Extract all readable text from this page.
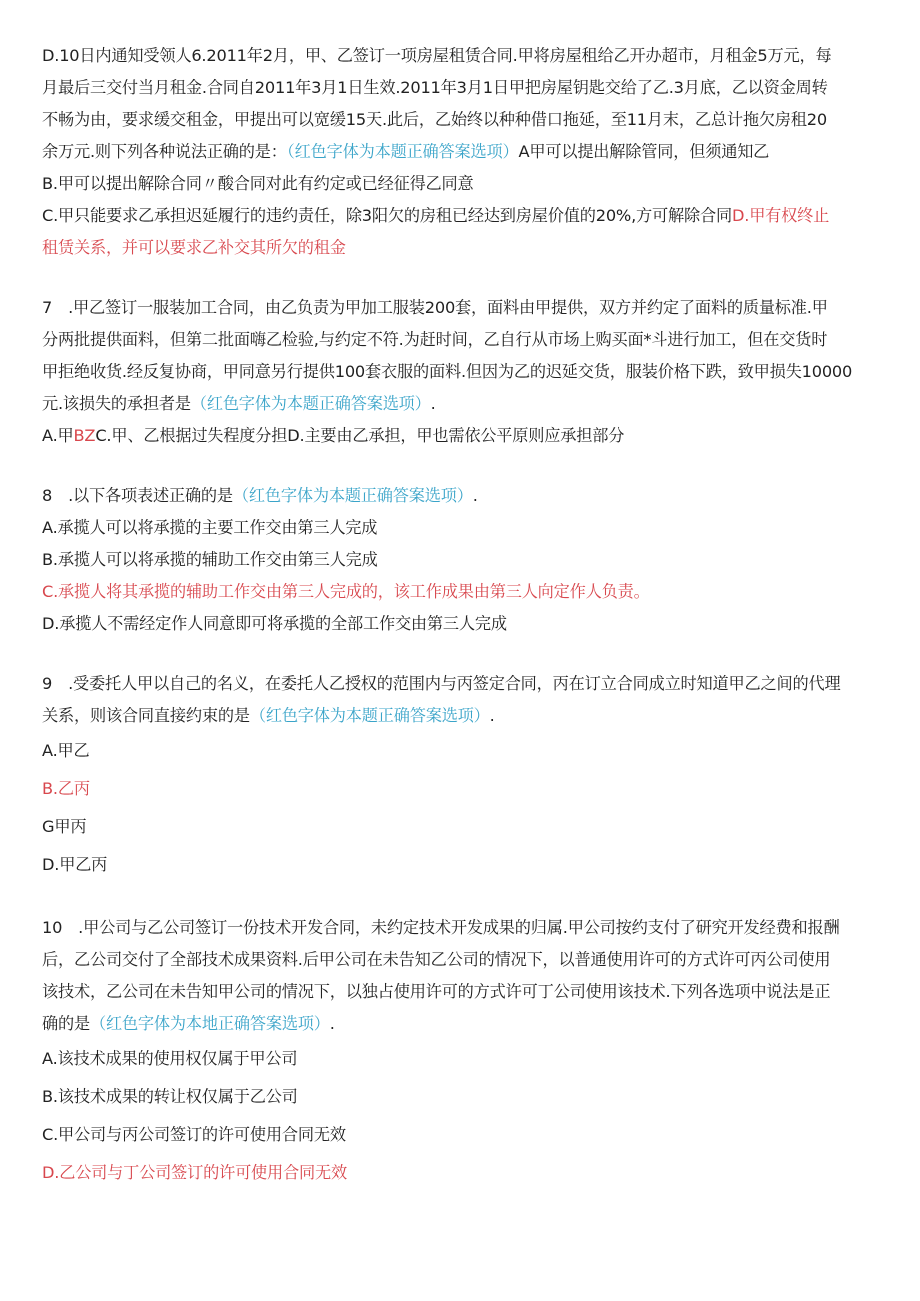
D.10日内通知受领人6.2011年2月，甲、乙签订一项房屋租赁合同.甲将房屋租给乙开办超市，月租金5万元，每

月最后三交付当月租金.合同自2011年3月1日生效.2011年3月1日甲把房屋钥匙交给了乙.3月底，乙以资金周转

不畅为由，要求缓交租金，甲提出可以宽缓15天.此后，乙始终以种种借口拖延，至11月末，乙总计拖欠房租20

余万元.则下列各种说法正确的是：（红色字体为本题正确答案选项）A甲可以提出解除管同，但须通知乙

B.甲可以提出解除合同〃酸合同对此有约定或已经征得乙同意

C.甲只能要求乙承担迟延履行的违约责任，除3阳欠的房租已经达到房屋价值的20%,方可解除合同D.甲有权终止

租赁关系，并可以要求乙补交其所欠的租金

7　.甲乙签订一服装加工合同，由乙负责为甲加工服装200套，面料由甲提供，双方并约定了面料的质量标准.甲

分两批提供面料，但第二批面嗨乙检验,与约定不符.为赶时间，乙自行从市场上购买面*斗进行加工，但在交货时

甲拒绝收货.经反复协商，甲同意另行提供100套衣服的面料.但因为乙的迟延交货，服装价格下跌，致甲损失10000

元.该损失的承担者是（红色字体为本题正确答案选项）.

A.甲BZC.甲、乙根据过失程度分担D.主要由乙承担，甲也需依公平原则应承担部分

8　.以下各项表述正确的是（红色字体为本题正确答案选项）.

A.承揽人可以将承揽的主要工作交由第三人完成

B.承揽人可以将承揽的辅助工作交由第三人完成

C.承揽人将其承揽的辅助工作交由第三人完成的，该工作成果由第三人向定作人负责。

D.承揽人不需经定作人同意即可将承揽的全部工作交由第三人完成

9　.受委托人甲以自己的名义，在委托人乙授权的范围内与丙签定合同，丙在订立合同成立时知道甲乙之间的代理

关系，则该合同直接约束的是（红色字体为本题正确答案选项）.

A.甲乙

B.乙丙

G甲丙

D.甲乙丙

10　.甲公司与乙公司签订一份技术开发合同，未约定技术开发成果的归属.甲公司按约支付了研究开发经费和报酬

后，乙公司交付了全部技术成果资料.后甲公司在未告知乙公司的情况下，以普通使用许可的方式许可丙公司使用

该技术，乙公司在未告知甲公司的情况下，以独占使用许可的方式许可丁公司使用该技术.下列各选项中说法是正

确的是（红色字体为本地正确答案选项）.

A.该技术成果的使用权仅属于甲公司

B.该技术成果的转让权仅属于乙公司

C.甲公司与丙公司签订的许可使用合同无效

D.乙公司与丁公司签订的许可使用合同无效
